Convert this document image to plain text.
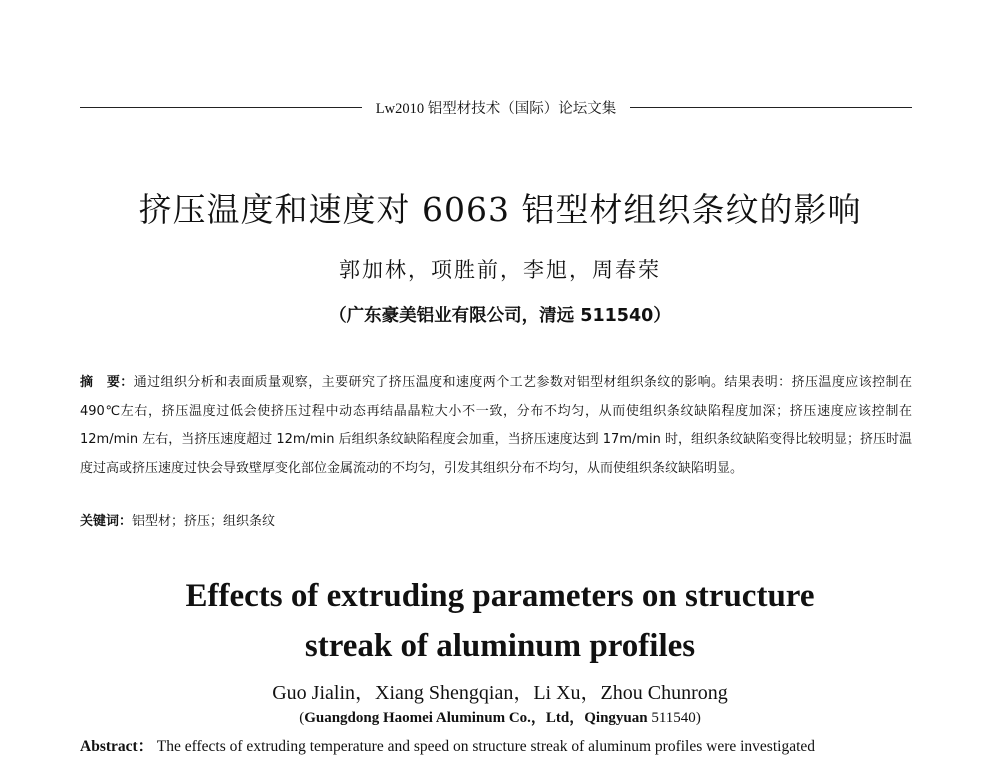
Lw2010 铝型材技术（国际）论坛文集
挤压温度和速度对 6063 铝型材组织条纹的影响
郭加林，项胜前，李旭，周春荣
（广东豪美铝业有限公司，清远 511540）
摘　要：通过组织分析和表面质量观察，主要研究了挤压温度和速度两个工艺参数对铝型材组织条纹的影响。结果表明：挤压温度应该控制在 490℃左右，挤压温度过低会使挤压过程中动态再结晶晶粒大小不一致，分布不均匀，从而使组织条纹缺陷程度加深；挤压速度应该控制在 12m/min 左右，当挤压速度超过 12m/min 后组织条纹缺陷程度会加重，当挤压速度达到 17m/min 时，组织条纹缺陷变得比较明显；挤压时温度过高或挤压速度过快会导致壁厚变化部位金属流动的不均匀，引发其组织分布不均匀，从而使组织条纹缺陷明显。
关键词：铝型材；挤压；组织条纹
Effects of extruding parameters on structure
streak of aluminum profiles
Guo Jialin，Xiang Shengqian，Li Xu，Zhou Chunrong
(Guangdong Haomei Aluminum Co.，Ltd，Qingyuan 511540)
Abstract： The effects of extruding temperature and speed on structure streak of aluminum profiles were investigated
